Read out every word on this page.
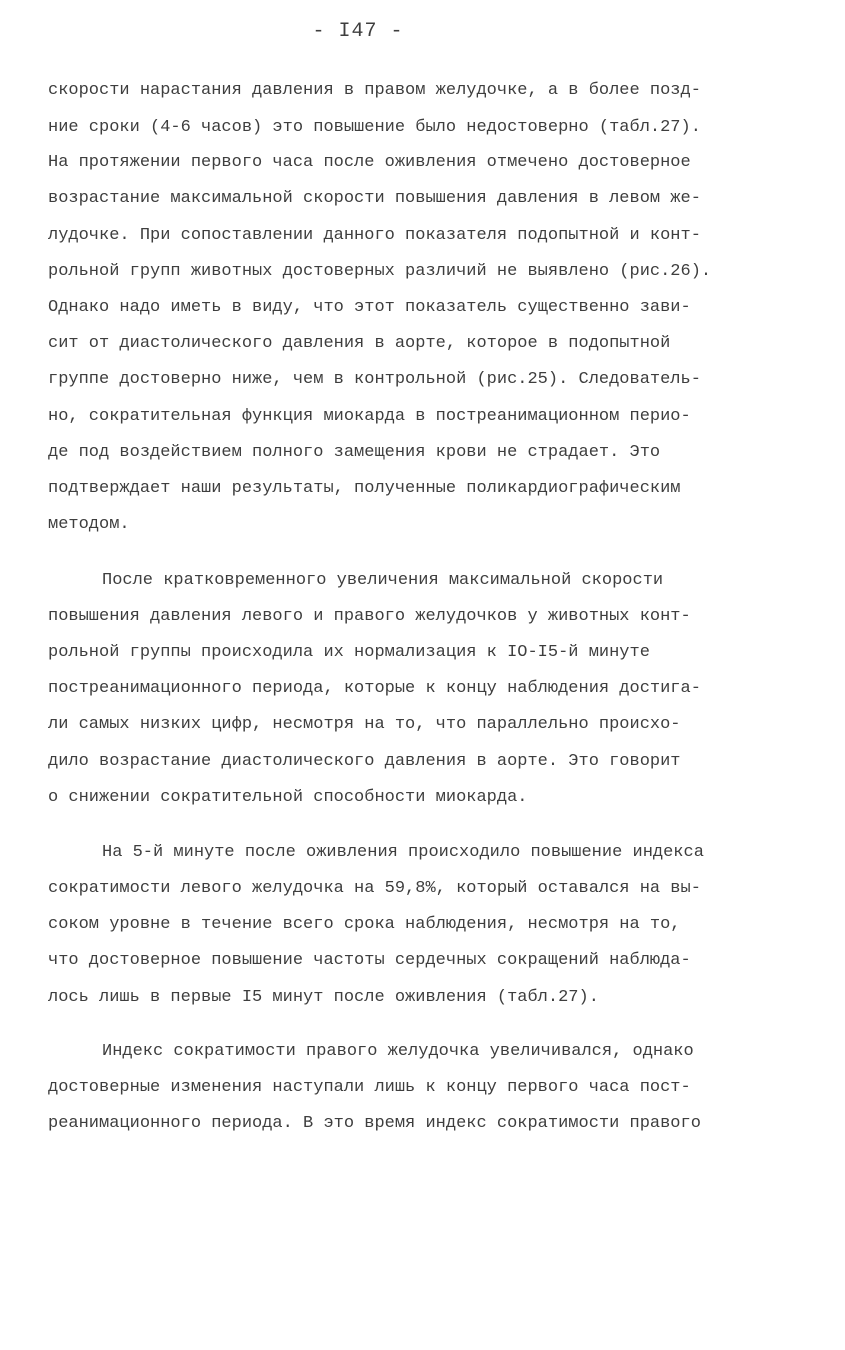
- I47 -
скорости нарастания давления в правом желудочке, а в более позд-
ние сроки (4-6 часов) это повышение было недостоверно (табл.27).
На протяжении первого часа после оживления отмечено достоверное
возрастание максимальной скорости повышения давления в левом же-
лудочке. При сопоставлении данного показателя подопытной и конт-
рольной групп животных достоверных различий не выявлено (рис.26).
Однако надо иметь в виду, что этот показатель существенно зави-
сит от диастолического давления в аорте, которое в подопытной
группе достоверно ниже, чем в контрольной (рис.25). Следователь-
но, сократительная функция миокарда в постреанимационном перио-
де под воздействием полного замещения крови не страдает. Это
подтверждает наши результаты, полученные поликардиографическим
методом.
После кратковременного увеличения максимальной скорости
повышения давления левого и правого желудочков у животных конт-
рольной группы происходила их нормализация к IO-I5-й минуте
постреанимационного периода, которые к концу наблюдения достига-
ли самых низких цифр, несмотря на то, что параллельно происхо-
дило возрастание диастолического давления в аорте. Это говорит
о снижении сократительной способности миокарда.
На 5-й минуте после оживления происходило повышение индекса
сократимости левого желудочка на 59,8%, который оставался на вы-
соком уровне в течение всего срока наблюдения, несмотря на то,
что достоверное повышение частоты сердечных сокращений наблюда-
лось лишь в первые I5 минут после оживления (табл.27).
Индекс сократимости правого желудочка увеличивался, однако
достоверные изменения наступали лишь к концу первого часа пост-
реанимационного периода. В это время индекс сократимости правого
